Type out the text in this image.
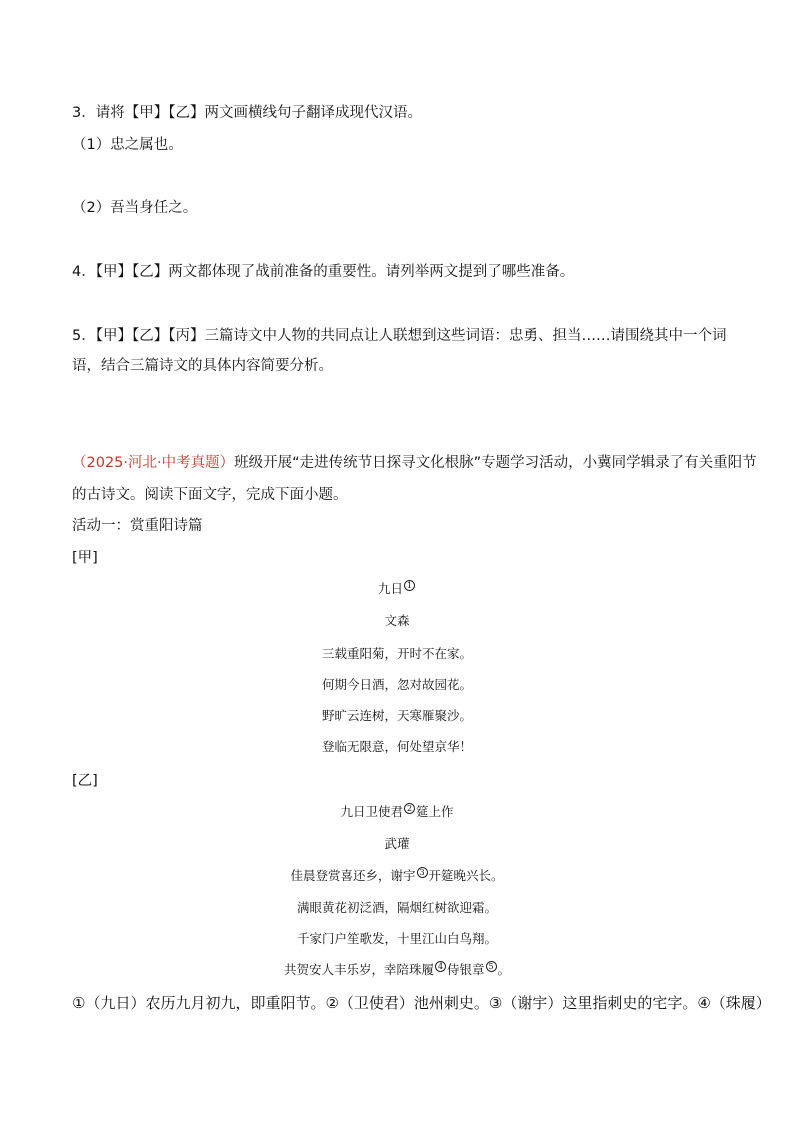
3．请将【甲】【乙】两文画横线句子翻译成现代汉语。
（1）忠之属也。
（2）吾当身任之。
4．【甲】【乙】两文都体现了战前准备的重要性。请列举两文提到了哪些准备。
5．【甲】【乙】【丙】三篇诗文中人物的共同点让人联想到这些词语：忠勇、担当……请围绕其中一个词
语，结合三篇诗文的具体内容简要分析。
（2025·河北·中考真题）班级开展“走进传统节日探寻文化根脉”专题学习活动，小冀同学辑录了有关重阳节
的古诗文。阅读下面文字，完成下面小题。
活动一：赏重阳诗篇
[甲]
九日 1
文森
三载重阳菊，开时不在家。
何期今日酒，忽对故园花。
野旷云连树，天寒雁聚沙。
登临无限意，何处望京华！
[乙]
九日卫使君 2 筵上作
武瓘
佳晨登赏喜还乡，谢宇 3 开筵晚兴长。
满眼黄花初泛酒，隔烟红树欲迎霜。
千家门户笙歌发，十里江山白鸟翔。
共贺安人丰乐岁，幸陪珠履 4 侍银章 5 。
①（九日）农历九月初九，即重阳节。②（卫使君）池州刺史。③（谢宇）这里指刺史的宅字。④（珠履）
